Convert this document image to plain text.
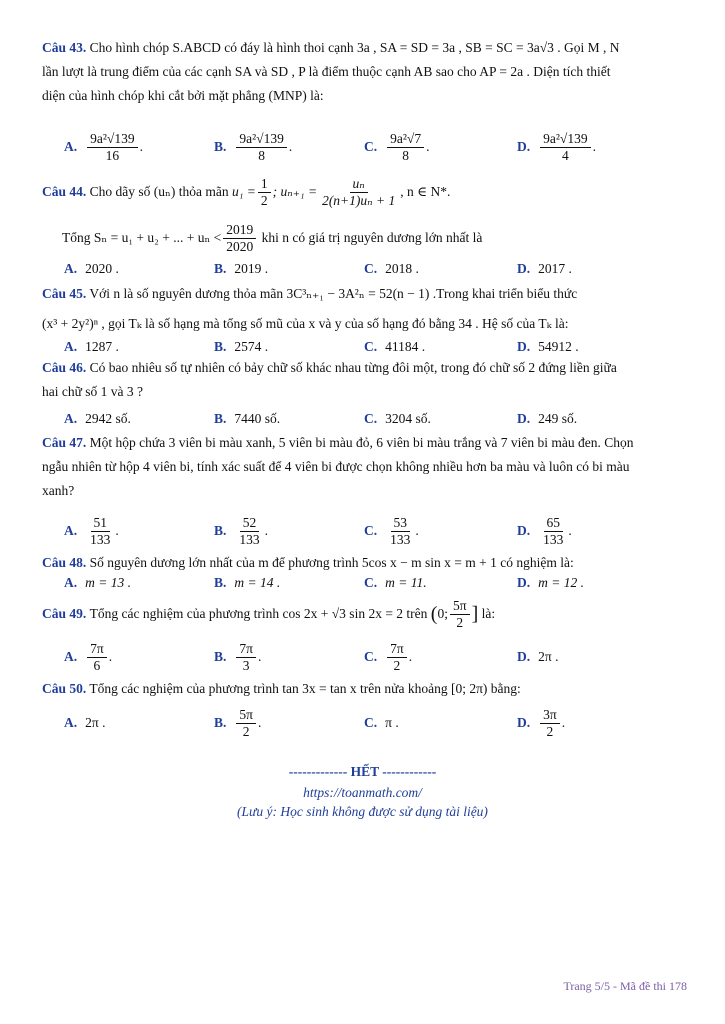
Câu 43. Cho hình chóp S.ABCD có đáy là hình thoi cạnh 3a , SA = SD = 3a , SB = SC = 3a√3 . Gọi M , N
lần lượt là trung điểm của các cạnh SA và SD , P là điểm thuộc cạnh AB sao cho AP = 2a . Diện tích thiết
diện của hình chóp khi cắt bởi mặt phẳng (MNP) là:
A. $\frac{\text{9a²√139}}{16}$ .	B. $\frac{\text{9a²√139}}{8}$ .	C. $\frac{\text{9a²√7}}{8}$ .	D. $\frac{\text{9a²√139}}{4}$ .
Câu 44.
Cho dãy số (uₙ) thỏa mãn
$u_1 = \frac{1}{2}$ ; $u_{n+1} = \frac{\text{uₙ}}{\text{2(n+1)uₙ + 1}}$ , n ∈ N*.
Tổng Sₙ = u₁ + u₂ + ... + $u_n < \frac{2019}{2020}$
khi n có giá trị nguyên dương lớn nhất là
A. 2020 .	B. 2019 .	C. 2018 .	D. 2017 .
Câu 45. Với n là số nguyên dương thỏa mãn 3C³ₙ₊₁ − 3A²ₙ = 52(n − 1) .Trong khai triển biểu thức
(x³ + 2y²)ⁿ , gọi Tₖ là số hạng mà tổng số mũ của x và y của số hạng đó bằng 34 . Hệ số của Tₖ là:
A. 1287 .	B. 2574 .	C. 41184 .	D. 54912 .
Câu 46. Có bao nhiêu số tự nhiên có bảy chữ số khác nhau từng đôi một, trong đó chữ số 2 đứng liền giữa
hai chữ số 1 và 3 ?
A. 2942 số.	B. 7440 số.	C. 3204 số.	D. 249 số.
Câu 47. Một hộp chứa 3 viên bi màu xanh, 5 viên bi màu đỏ, 6 viên bi màu trắng và 7 viên bi màu đen. Chọn
ngẫu nhiên từ hộp 4 viên bi, tính xác suất để 4 viên bi được chọn không nhiều hơn ba màu và luôn có bi màu
xanh?
A. $\frac{51}{133}$ .	B. $\frac{52}{133}$ .	C. $\frac{53}{133}$ .	D. $\frac{65}{133}$ .
Câu 48. Số nguyên dương lớn nhất của m để phương trình 5cos x − m sin x = m + 1 có nghiệm là:
A. m = 13 .	B. m = 14 .	C. m = 11.	D. m = 12 .
Câu 49.
Tổng các nghiệm của phương trình cos 2x + √3 sin 2x = 2 trên
( 0; $\frac{5\pi}{2}$ ]
là:
A. $\frac{7\pi}{6}$ .	B. $\frac{7\pi}{3}$ .	C. $\frac{7\pi}{2}$ .	D. 2π .
Câu 50. Tổng các nghiệm của phương trình tan 3x = tan x trên nửa khoảng [0; 2π) bằng:
A. 2π .	B. $\frac{5\pi}{2}$ .	C. π .	D. $\frac{3\pi}{2}$ .
------------- HẾT ------------
https://toanmath.com/
(Lưu ý: Học sinh không được sử dụng tài liệu)
Trang 5/5 - Mã đề thi 178
